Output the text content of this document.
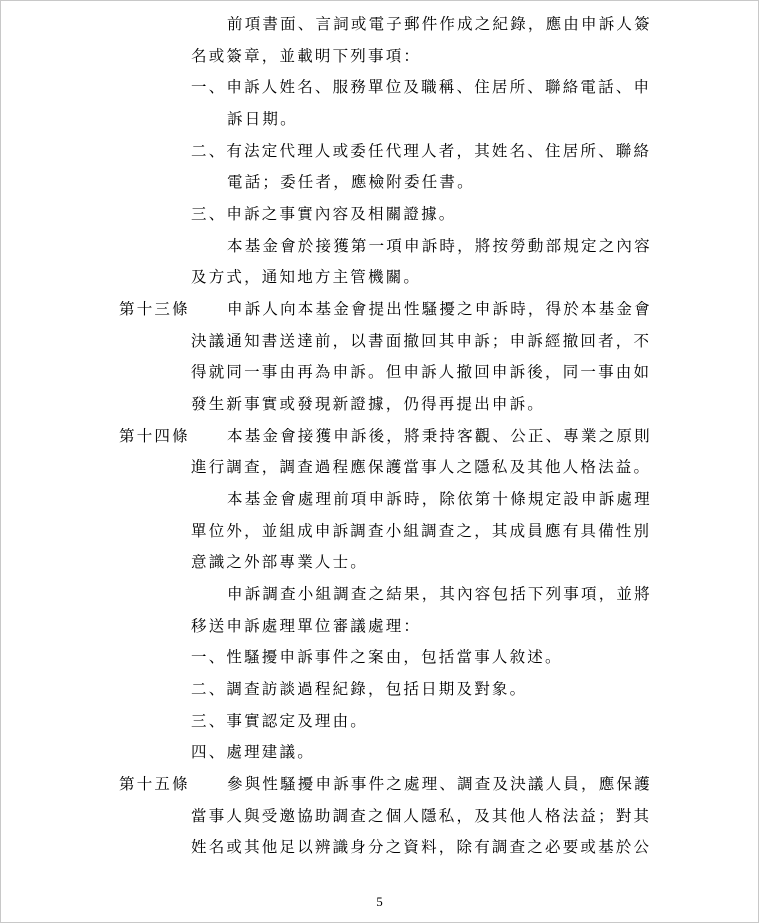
前項書面、言詞或電子郵件作成之紀錄，應由申訴人簽
名或簽章，並載明下列事項：
一、申訴人姓名、服務單位及職稱、住居所、聯絡電話、申
訴日期。
二、有法定代理人或委任代理人者，其姓名、住居所、聯絡
電話；委任者，應檢附委任書。
三、申訴之事實內容及相關證據。
本基金會於接獲第一項申訴時，將按勞動部規定之內容
及方式，通知地方主管機關。
第十三條 申訴人向本基金會提出性騷擾之申訴時，得於本基金會
決議通知書送達前，以書面撤回其申訴；申訴經撤回者，不
得就同一事由再為申訴。但申訴人撤回申訴後，同一事由如
發生新事實或發現新證據，仍得再提出申訴。
第十四條 本基金會接獲申訴後，將秉持客觀、公正、專業之原則
進行調查，調查過程應保護當事人之隱私及其他人格法益。
本基金會處理前項申訴時，除依第十條規定設申訴處理
單位外，並組成申訴調查小組調查之，其成員應有具備性別
意識之外部專業人士。
申訴調查小組調查之結果，其內容包括下列事項，並將
移送申訴處理單位審議處理：
一、性騷擾申訴事件之案由，包括當事人敘述。
二、調查訪談過程紀錄，包括日期及對象。
三、事實認定及理由。
四、處理建議。
第十五條 參與性騷擾申訴事件之處理、調查及決議人員，應保護
當事人與受邀協助調查之個人隱私，及其他人格法益；對其
姓名或其他足以辨識身分之資料，除有調查之必要或基於公
5
